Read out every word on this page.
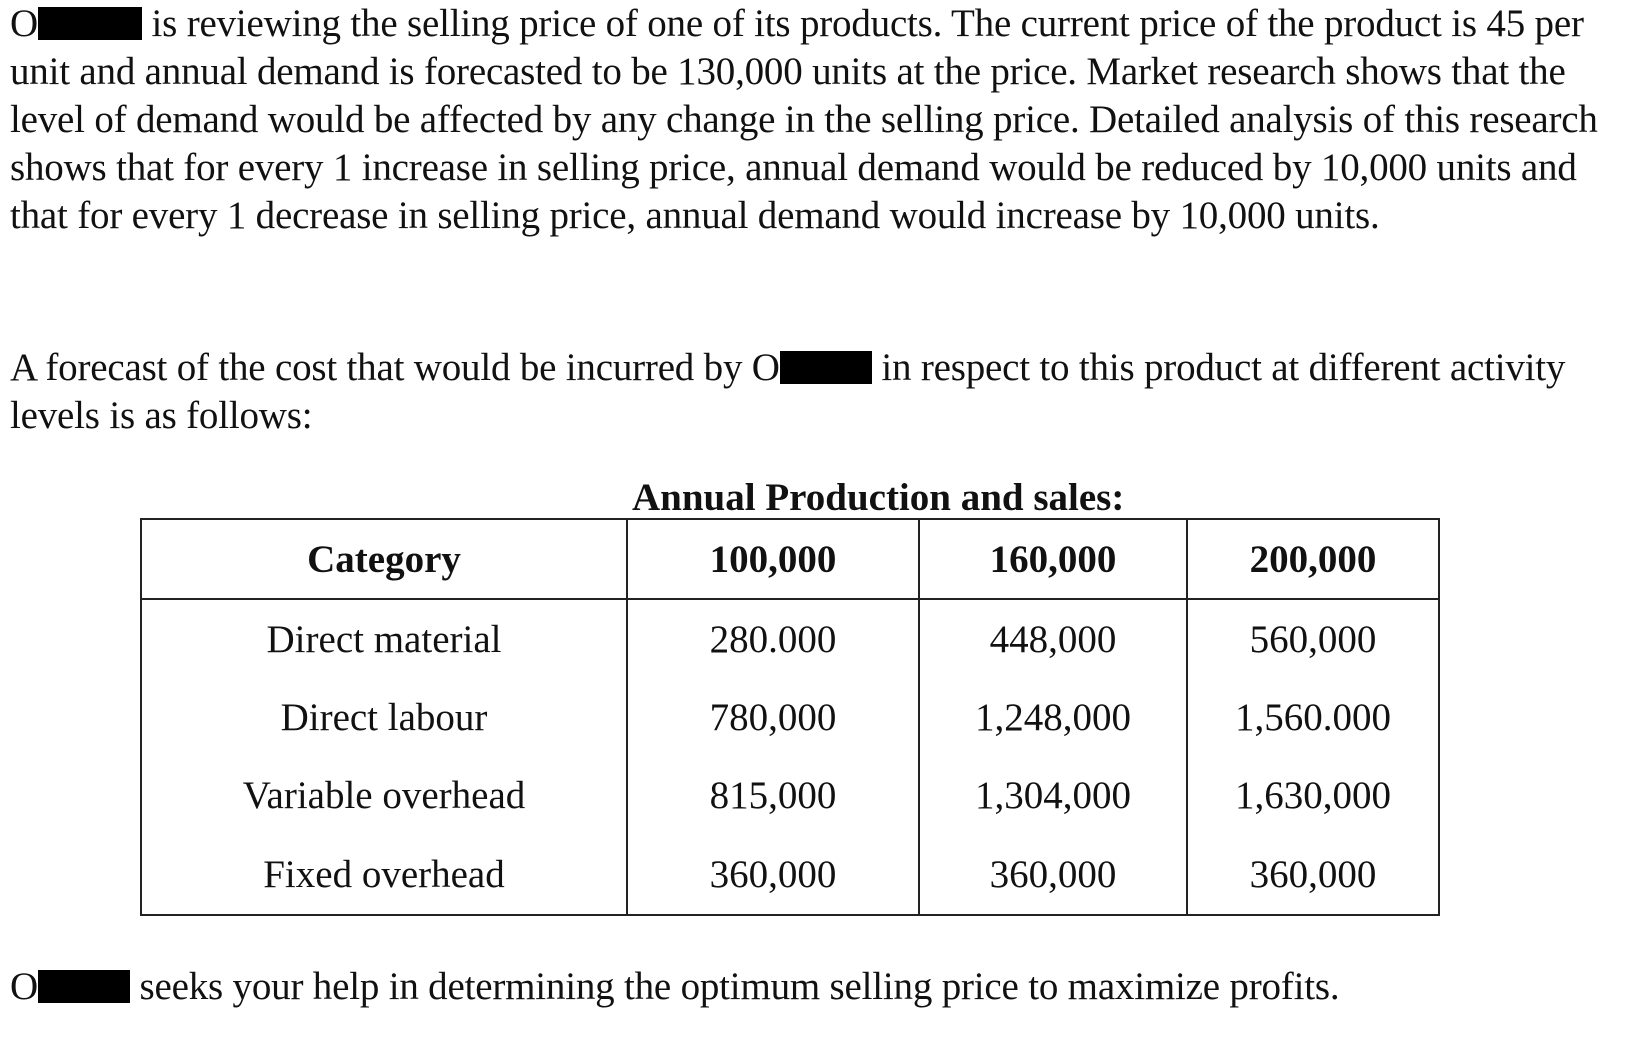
O	is reviewing the selling price of one of its products. The current price of the product is 45 per unit and annual demand is forecasted to be 130,000 units at the price. Market research shows that the level of demand would be affected by any change in the selling price. Detailed analysis of this research shows that for every 1 increase in selling price, annual demand would be reduced by 10,000 units and that for every 1 decrease in selling price, annual demand would increase by 10,000 units.

A forecast of the cost that would be incurred by O	in respect to this product at different activity levels is as follows:

Annual Production and sales:
Category	100,000	160,000	200,000
Direct material	280.000	448,000	560,000
Direct labour	780,000	1,248,000	1,560.000
Variable overhead	815,000	1,304,000	1,630,000
Fixed overhead	360,000	360,000	360,000

O	seeks your help in determining the optimum selling price to maximize profits.
